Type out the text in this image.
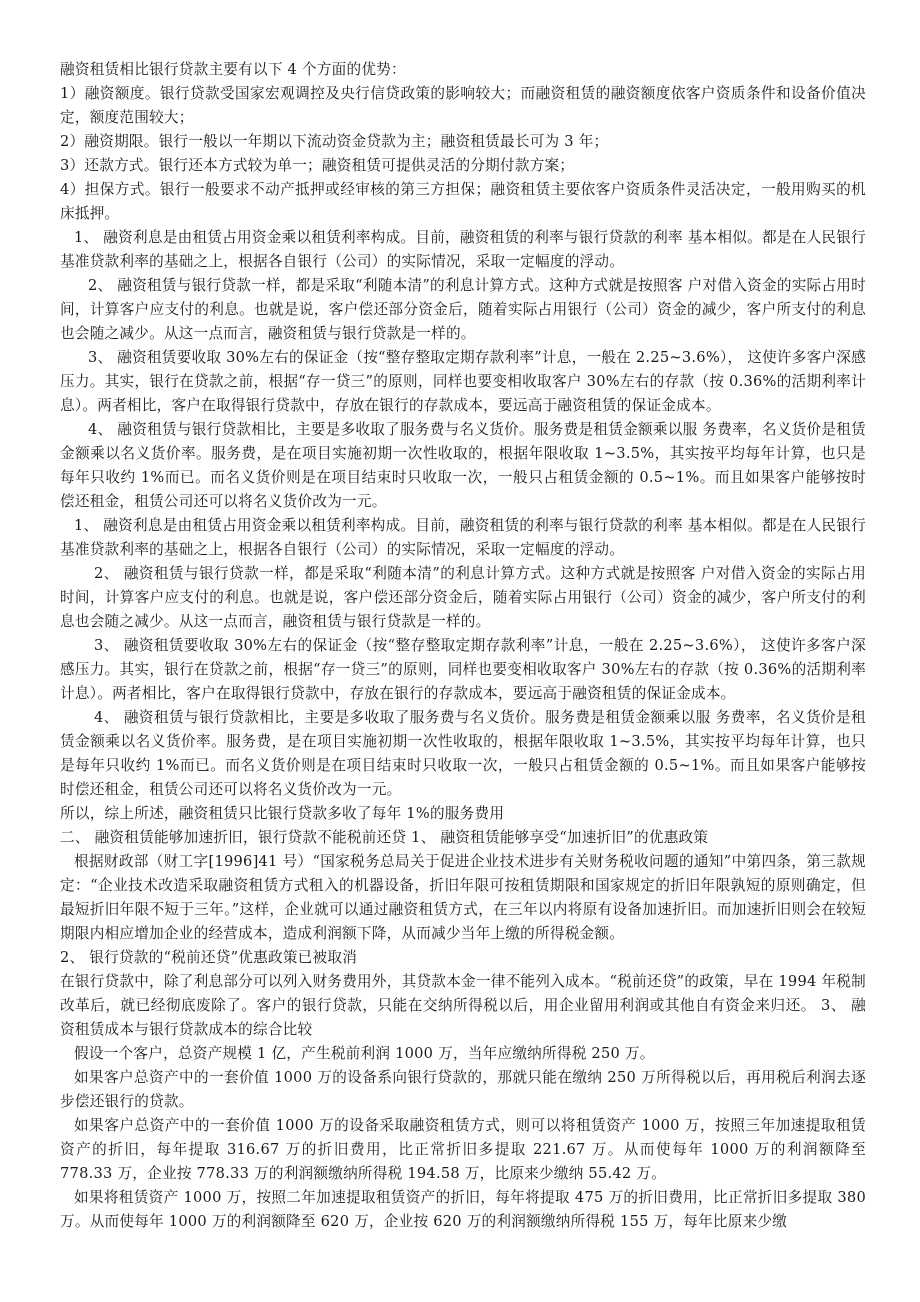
融资租赁相比银行贷款主要有以下 4 个方面的优势：

1）融资额度。银行贷款受国家宏观调控及央行信贷政策的影响较大；而融资租赁的融资额度依客户资质条件和设备价值决定，额度范围较大；

2）融资期限。银行一般以一年期以下流动资金贷款为主；融资租赁最长可为 3 年；

3）还款方式。银行还本方式较为单一；融资租赁可提供灵活的分期付款方案；

4）担保方式。银行一般要求不动产抵押或经审核的第三方担保；融资租赁主要依客户资质条件灵活决定，一般用购买的机床抵押。

1、 融资利息是由租赁占用资金乘以租赁利率构成。目前，融资租赁的利率与银行贷款的利率 基本相似。都是在人民银行基准贷款利率的基础之上，根据各自银行（公司）的实际情况，采取一定幅度的浮动。

2、 融资租赁与银行贷款一样，都是采取“利随本清”的利息计算方式。这种方式就是按照客 户对借入资金的实际占用时间，计算客户应支付的利息。也就是说，客户偿还部分资金后，随着实际占用银行（公司）资金的减少，客户所支付的利息也会随之减少。从这一点而言，融资租赁与银行贷款是一样的。

3、 融资租赁要收取 30%左右的保证金（按“整存整取定期存款利率”计息，一般在 2.25~3.6%）， 这使许多客户深感压力。其实，银行在贷款之前，根据“存一贷三”的原则，同样也要变相收取客户 30%左右的存款（按 0.36%的活期利率计息）。两者相比，客户在取得银行贷款中，存放在银行的存款成本，要远高于融资租赁的保证金成本。

4、 融资租赁与银行贷款相比，主要是多收取了服务费与名义货价。服务费是租赁金额乘以服 务费率，名义货价是租赁金额乘以名义货价率。服务费，是在项目实施初期一次性收取的，根据年限收取 1~3.5%，其实按平均每年计算，也只是每年只收约 1%而已。而名义货价则是在项目结束时只收取一次，一般只占租赁金额的 0.5~1%。而且如果客户能够按时偿还租金，租赁公司还可以将名义货价改为一元。

1、 融资利息是由租赁占用资金乘以租赁利率构成。目前，融资租赁的利率与银行贷款的利率 基本相似。都是在人民银行基准贷款利率的基础之上，根据各自银行（公司）的实际情况，采取一定幅度的浮动。

2、 融资租赁与银行贷款一样，都是采取“利随本清”的利息计算方式。这种方式就是按照客 户对借入资金的实际占用时间，计算客户应支付的利息。也就是说，客户偿还部分资金后，随着实际占用银行（公司）资金的减少，客户所支付的利息也会随之减少。从这一点而言，融资租赁与银行贷款是一样的。

3、 融资租赁要收取 30%左右的保证金（按“整存整取定期存款利率”计息，一般在 2.25~3.6%）， 这使许多客户深感压力。其实，银行在贷款之前，根据“存一贷三”的原则，同样也要变相收取客户 30%左右的存款（按 0.36%的活期利率计息）。两者相比，客户在取得银行贷款中，存放在银行的存款成本，要远高于融资租赁的保证金成本。

4、 融资租赁与银行贷款相比，主要是多收取了服务费与名义货价。服务费是租赁金额乘以服 务费率，名义货价是租赁金额乘以名义货价率。服务费，是在项目实施初期一次性收取的，根据年限收取 1~3.5%，其实按平均每年计算，也只是每年只收约 1%而已。而名义货价则是在项目结束时只收取一次，一般只占租赁金额的 0.5~1%。而且如果客户能够按时偿还租金，租赁公司还可以将名义货价改为一元。

所以，综上所述，融资租赁只比银行贷款多收了每年 1%的服务费用

二、 融资租赁能够加速折旧，银行贷款不能税前还贷 1、 融资租赁能够享受“加速折旧”的优惠政策

根据财政部（财工字[1996]41 号）“国家税务总局关于促进企业技术进步有关财务税收问题的通知”中第四条，第三款规定：“企业技术改造采取融资租赁方式租入的机器设备，折旧年限可按租赁期限和国家规定的折旧年限孰短的原则确定，但最短折旧年限不短于三年。”这样，企业就可以通过融资租赁方式，在三年以内将原有设备加速折旧。而加速折旧则会在较短期限内相应增加企业的经营成本，造成利润额下降，从而减少当年上缴的所得税金额。

2、 银行贷款的“税前还贷”优惠政策已被取消

在银行贷款中，除了利息部分可以列入财务费用外，其贷款本金一律不能列入成本。“税前还贷”的政策，早在 1994 年税制改革后，就已经彻底废除了。客户的银行贷款，只能在交纳所得税以后，用企业留用利润或其他自有资金来归还。 3、 融资租赁成本与银行贷款成本的综合比较

假设一个客户，总资产规模 1 亿，产生税前利润 1000 万，当年应缴纳所得税 250 万。

如果客户总资产中的一套价值 1000 万的设备系向银行贷款的，那就只能在缴纳 250 万所得税以后，再用税后利润去逐步偿还银行的贷款。

如果客户总资产中的一套价值 1000 万的设备采取融资租赁方式，则可以将租赁资产 1000 万，按照三年加速提取租赁资产的折旧，每年提取 316.67 万的折旧费用，比正常折旧多提取 221.67 万。从而使每年 1000 万的利润额降至 778.33 万，企业按 778.33 万的利润额缴纳所得税 194.58 万，比原来少缴纳 55.42 万。

如果将租赁资产 1000 万，按照二年加速提取租赁资产的折旧，每年将提取 475 万的折旧费用，比正常折旧多提取 380 万。从而使每年 1000 万的利润额降至 620 万，企业按 620 万的利润额缴纳所得税 155 万，每年比原来少缴
